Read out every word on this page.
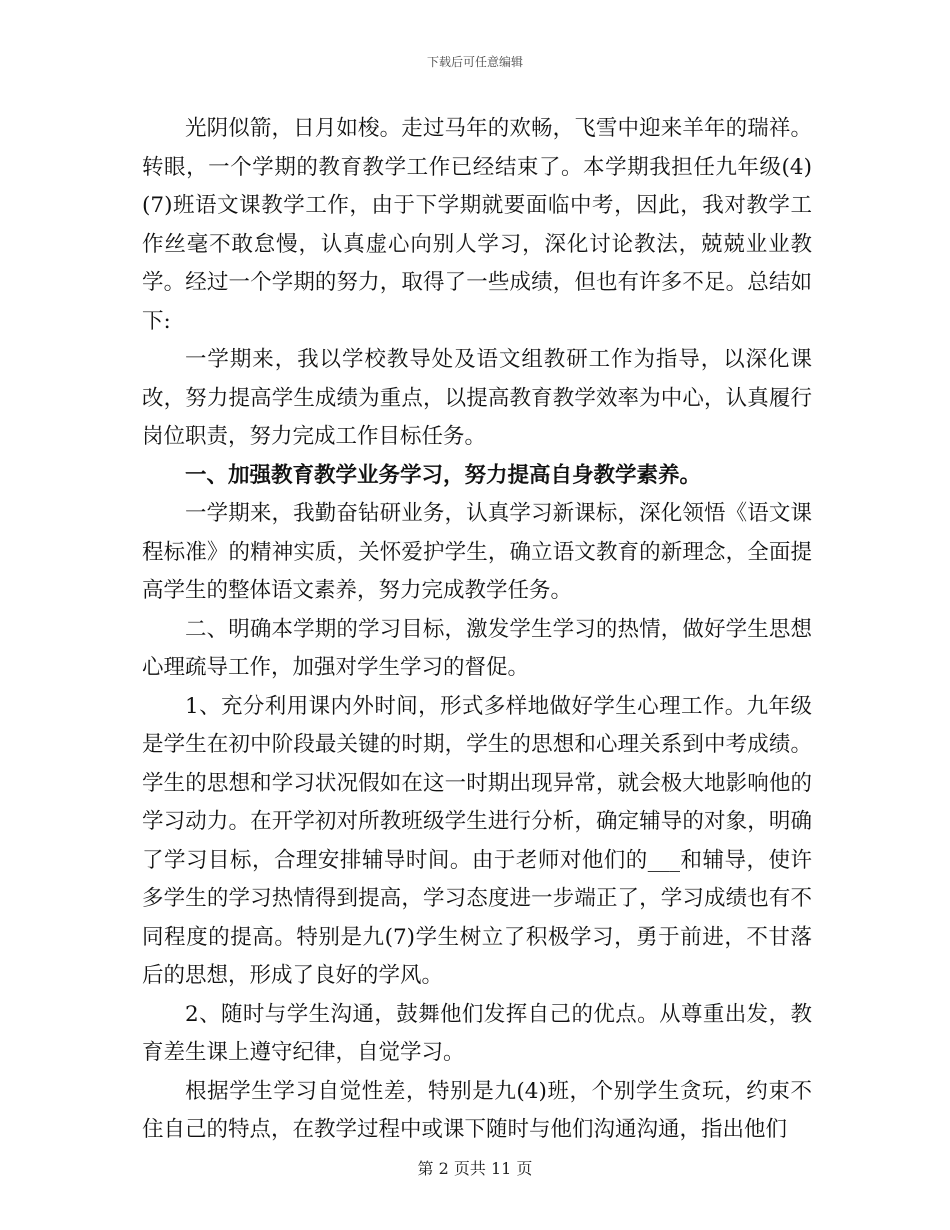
下载后可任意编辑

光阴似箭，日月如梭。走过马年的欢畅，飞雪中迎来羊年的瑞祥。转眼，一个学期的教育教学工作已经结束了。本学期我担任九年级(4)(7)班语文课教学工作，由于下学期就要面临中考，因此，我对教学工作丝毫不敢怠慢，认真虚心向别人学习，深化讨论教法，兢兢业业教学。经过一个学期的努力，取得了一些成绩，但也有许多不足。总结如下:

一学期来，我以学校教导处及语文组教研工作为指导，以深化课改，努力提高学生成绩为重点，以提高教育教学效率为中心，认真履行岗位职责，努力完成工作目标任务。

一、加强教育教学业务学习，努力提高自身教学素养。

一学期来，我勤奋钻研业务，认真学习新课标，深化领悟《语文课程标准》的精神实质，关怀爱护学生，确立语文教育的新理念，全面提高学生的整体语文素养，努力完成教学任务。

二、明确本学期的学习目标，激发学生学习的热情，做好学生思想心理疏导工作，加强对学生学习的督促。

1、充分利用课内外时间，形式多样地做好学生心理工作。九年级是学生在初中阶段最关键的时期，学生的思想和心理关系到中考成绩。学生的思想和学习状况假如在这一时期出现异常，就会极大地影响他的学习动力。在开学初对所教班级学生进行分析，确定辅导的对象，明确了学习目标，合理安排辅导时间。由于老师对他们的___和辅导，使许多学生的学习热情得到提高，学习态度进一步端正了，学习成绩也有不同程度的提高。特别是九(7)学生树立了积极学习，勇于前进，不甘落后的思想，形成了良好的学风。

2、随时与学生沟通，鼓舞他们发挥自己的优点。从尊重出发，教育差生课上遵守纪律，自觉学习。

根据学生学习自觉性差，特别是九(4)班，个别学生贪玩，约束不住自己的特点，在教学过程中或课下随时与他们沟通沟通，指出他们

第 2 页共 11 页
